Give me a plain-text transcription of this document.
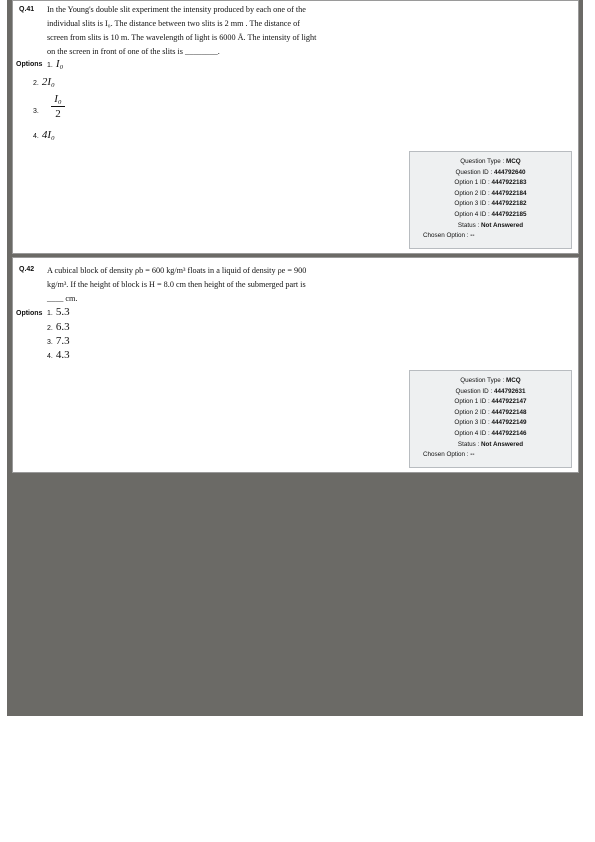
Q.41 In the Young's double slit experiment the intensity produced by each one of the
individual slits is I₀. The distance between two slits is 2 mm . The distance of
screen from slits is 10 m. The wavelength of light is 6000 Å. The intensity of light
on the screen in front of one of the slits is ________.
Options 1. I₀
2. 2I₀
3.
I₀
2
4. 4I₀
Question Type : MCQ
Question ID : 444792640
Option 1 ID : 4447922183
Option 2 ID : 4447922184
Option 3 ID : 4447922182
Option 4 ID : 4447922185
Status : Not Answered
Chosen Option : --
Q.42 A cubical block of density ρb = 600 kg/m³ floats in a liquid of density ρe = 900
kg/m³. If the height of block is H = 8.0 cm then height of the submerged part is
____ cm.
Options 1. 5.3
2. 6.3
3. 7.3
4. 4.3
Question Type : MCQ
Question ID : 444792631
Option 1 ID : 4447922147
Option 2 ID : 4447922148
Option 3 ID : 4447922149
Option 4 ID : 4447922146
Status : Not Answered
Chosen Option : --
